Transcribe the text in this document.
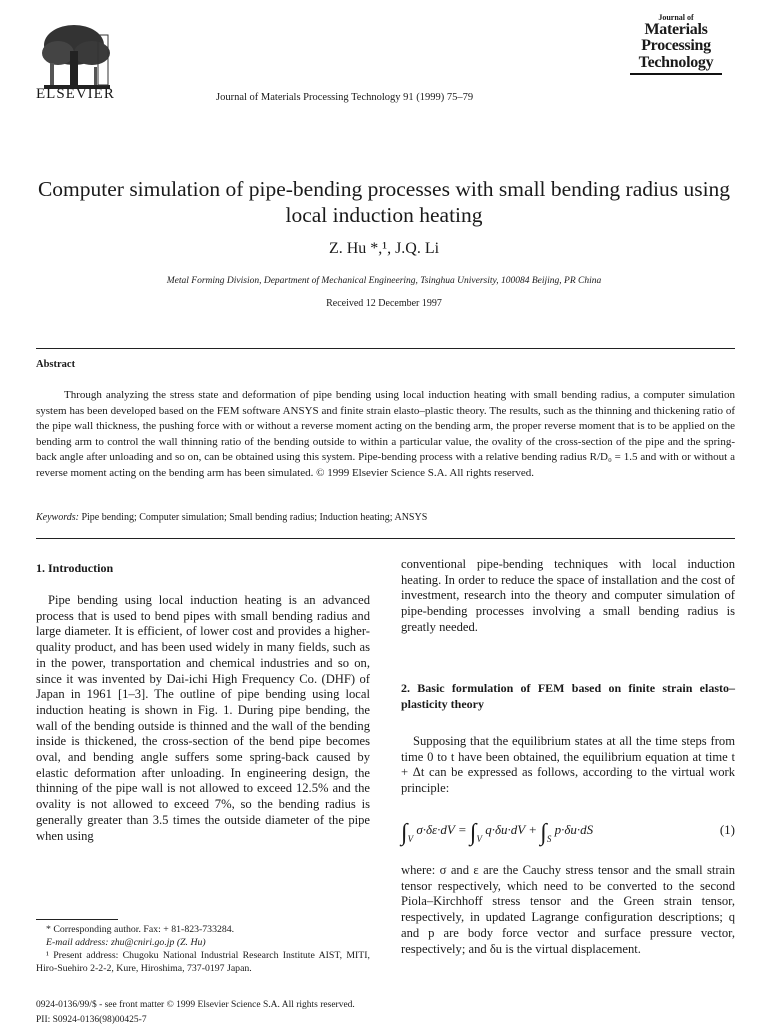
ELSEVIER	Journal of Materials Processing Technology 91 (1999) 75–79
Journal of
Materials
Processing
Technology
Computer simulation of pipe-bending processes with small bending radius using local induction heating
Z. Hu *,¹, J.Q. Li
Metal Forming Division, Department of Mechanical Engineering, Tsinghua University, 100084 Beijing, PR China
Received 12 December 1997
Abstract
Through analyzing the stress state and deformation of pipe bending using local induction heating with small bending radius, a computer simulation system has been developed based on the FEM software ANSYS and finite strain elasto–plastic theory. The results, such as the thinning and thickening ratio of the pipe wall thickness, the pushing force with or without a reverse moment acting on the bending arm, the proper reverse moment that is to be applied on the bending arm to control the wall thinning ratio of the bending outside to within a particular value, the ovality of the cross-section of the pipe and the spring-back angle after unloading and so on, can be obtained using this system. Pipe-bending process with a relative bending radius R/D₀ = 1.5 and with or without a reverse moment acting on the bending arm has been simulated. © 1999 Elsevier Science S.A. All rights reserved.
Keywords: Pipe bending; Computer simulation; Small bending radius; Induction heating; ANSYS
1. Introduction

Pipe bending using local induction heating is an advanced process that is used to bend pipes with small bending radius and large diameter. It is efficient, of lower cost and provides a higher-quality product, and has been used widely in many fields, such as in the power, transportation and chemical industries and so on, since it was invented by Dai-ichi High Frequency Co. (DHF) of Japan in 1961 [1–3]. The outline of pipe bending using local induction heating is shown in Fig. 1. During pipe bending, the wall of the bending outside is thinned and the wall of the bending inside is thickened, the cross-section of the bend pipe becomes oval, and bending angle suffers some spring-back caused by elastic deformation after unloading. In engineering design, the thinning of the pipe wall is not allowed to exceed 12.5% and the ovality is not allowed to exceed 7%, so the bending radius is generally greater than 3.5 times the outside diameter of the pipe when using

conventional pipe-bending techniques with local induction heating. In order to reduce the space of installation and the cost of investment, research into the theory and computer simulation of pipe-bending processes involving a small bending radius is greatly needed.

2. Basic formulation of FEM based on finite strain elasto–plasticity theory

Supposing that the equilibrium states at all the time steps from time 0 to t have been obtained, the equilibrium equation at time t + Δt can be expressed as follows, according to the virtual work principle:

$\int_V$ $\sigma\cdot\delta\varepsilon\cdot dV = \int_V$ $q\cdot\delta u\cdot dV + \int_S$ p·δu·dS	(1)

where: σ and ε are the Cauchy stress tensor and the small strain tensor respectively, which need to be converted to the second Piola–Kirchhoff stress tensor and the Green strain tensor, respectively, in updated Lagrange configuration descriptions; q and p are body force vector and surface pressure vector, respectively; and δu is the virtual displacement.

* Corresponding author. Fax: + 81-823-733284.

E-mail address: zhu@cniri.go.jp (Z. Hu)

¹ Present address: Chugoku National Industrial Research Institute AIST, MITI, Hiro-Suehiro 2-2-2, Kure, Hiroshima, 737-0197 Japan.

0924-0136/99/$ - see front matter © 1999 Elsevier Science S.A. All rights reserved.
PII: S0924-0136(98)00425-7
